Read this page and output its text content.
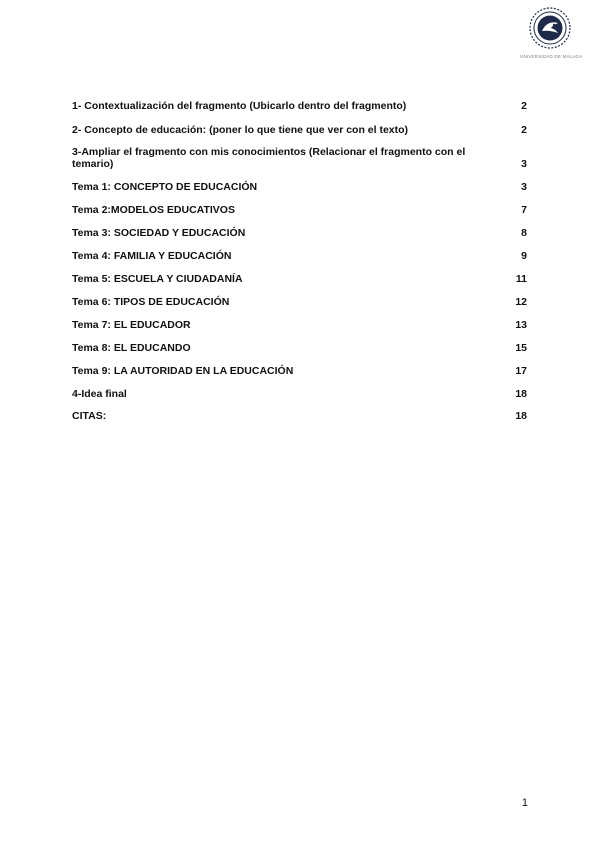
UNIVERSIDAD DE MÁLAGA
1- Contextualización del fragmento (Ubicarlo dentro del fragmento)	2
2- Concepto de educación: (poner lo que tiene que ver con el texto)	2
3-Ampliar el fragmento con mis conocimientos (Relacionar el fragmento con el temario)	3
Tema 1: CONCEPTO DE EDUCACIÓN	3
Tema 2:MODELOS EDUCATIVOS	7
Tema 3: SOCIEDAD Y EDUCACIÓN	8
Tema 4: FAMILIA Y EDUCACIÓN	9
Tema 5: ESCUELA Y CIUDADANÍA	11
Tema 6: TIPOS DE EDUCACIÓN	12
Tema 7: EL EDUCADOR	13
Tema 8: EL EDUCANDO	15
Tema 9: LA AUTORIDAD EN LA EDUCACIÓN	17
4-Idea final	18
CITAS:	18
1
